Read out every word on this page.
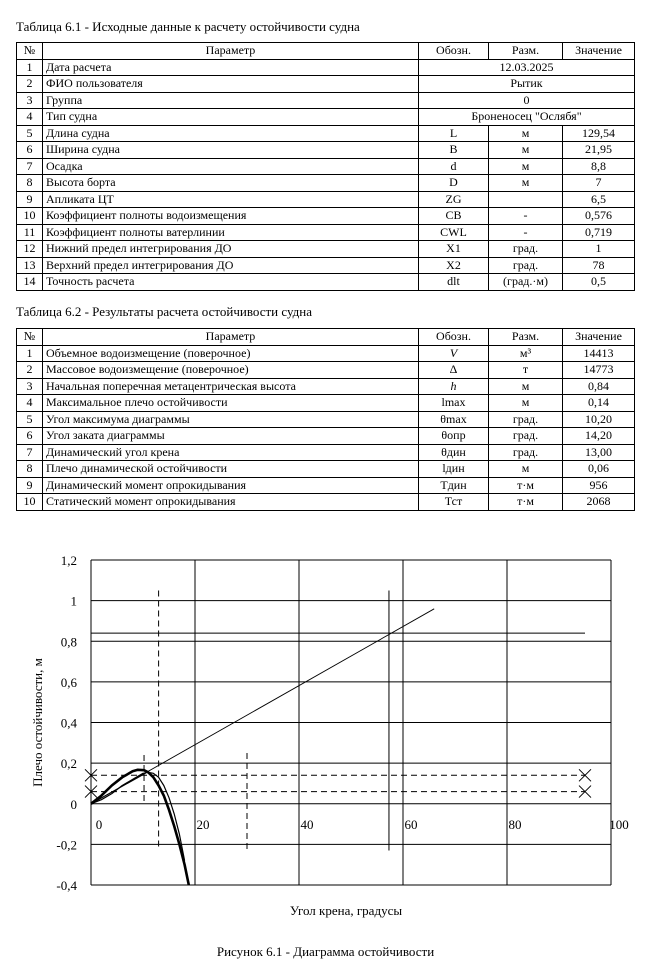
Таблица 6.1 - Исходные данные к расчету остойчивости судна
№	Параметр	Обозн.	Разм.	Значение
1	Дата расчета	12.03.2025		
2	ФИО пользователя	Рытик		
3	Группа	0		
4	Тип судна	Броненосец "Ослябя"		
5	Длина судна	L	м	129,54
6	Ширина судна	B	м	21,95
7	Осадка	d	м	8,8
8	Высота борта	D	м	7
9	Апликата ЦТ	ZG		6,5
10	Коэффициент полноты водоизмещения	CB	-	0,576
11	Коэффициент полноты ватерлинии	CWL	-	0,719
12	Нижний предел интегрирования ДО	X1	град.	1
13	Верхний предел интегрирования ДО	X2	град.	78
14	Точность расчета	dlt	(град.·м)	0,5
Таблица 6.2 - Результаты расчета остойчивости судна
№	Параметр	Обозн.	Разм.	Значение
1	Объемное водоизмещение (поверочное)	V	м³	14413
2	Массовое водоизмещение (поверочное)	Δ	т	14773
3	Начальная поперечная метацентрическая высота	h	м	0,84
4	Максимальное плечо остойчивости	lmax	м	0,14
5	Угол максимума диаграммы	θmax	град.	10,20
6	Угол заката диаграммы	θопр	град.	14,20
7	Динамический угол крена	θдин	град.	13,00
8	Плечо динамической остойчивости	lдин	м	0,06
9	Динамический момент опрокидывания	Тдин	т·м	956
10	Статический момент опрокидывания	Тст	т·м	2068
-0,4
-0,2
0
0,2
0,4
0,6
0,8
1
1,2
0	20	40	60	80	100
Угол крена, градусы
Плечо остойчивости, м
Рисунок 6.1 - Диаграмма остойчивости
